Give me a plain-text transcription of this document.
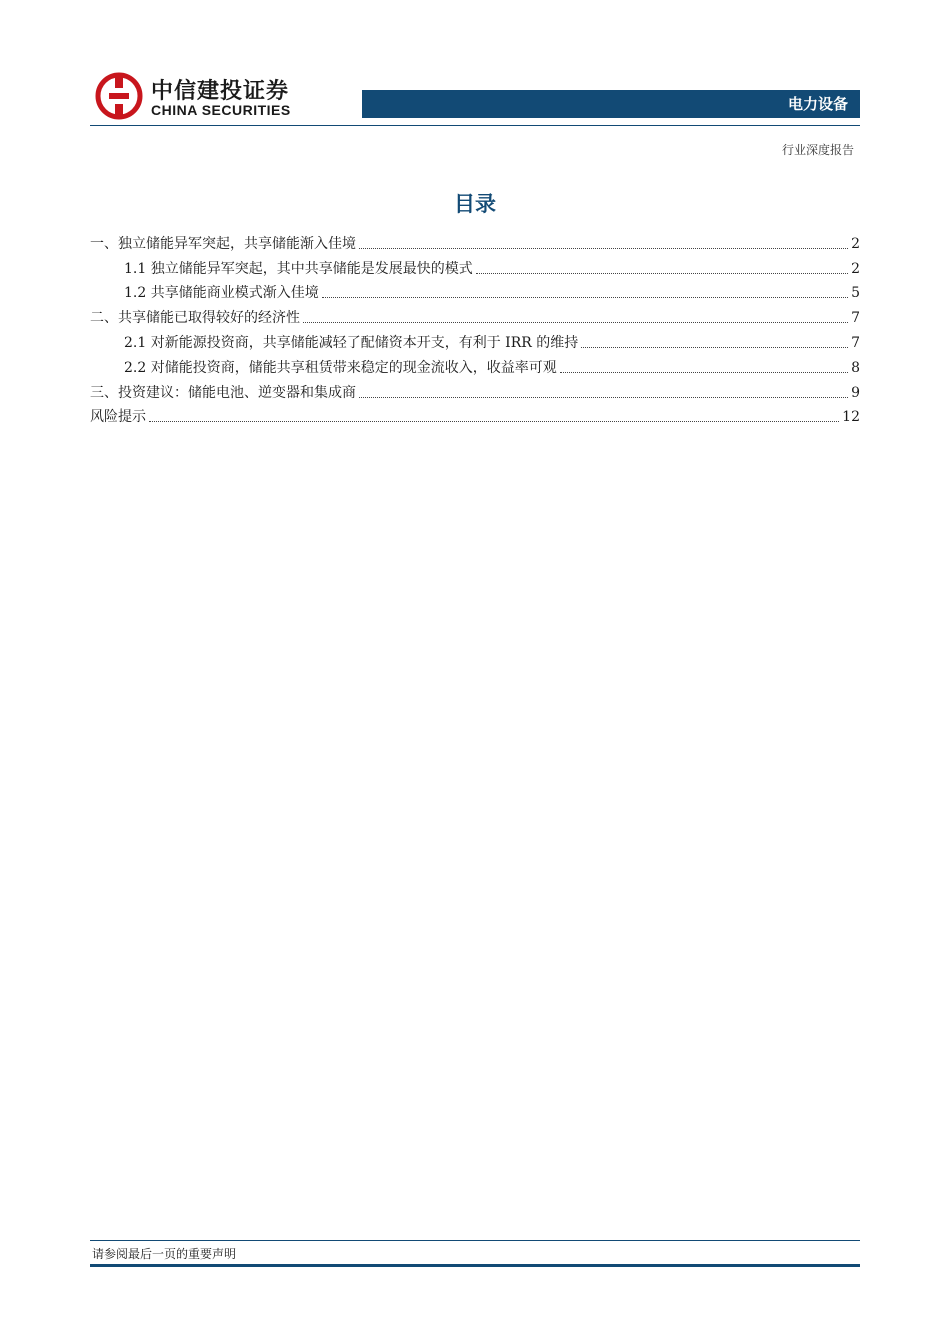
中信建投证券
CHINA SECURITIES	电力设备
行业深度报告
目录
一、独立储能异军突起，共享储能渐入佳境	2
1.1 独立储能异军突起，其中共享储能是发展最快的模式	2
1.2 共享储能商业模式渐入佳境	5
二、共享储能已取得较好的经济性	7
2.1 对新能源投资商，共享储能减轻了配储资本开支，有利于 IRR 的维持	7
2.2 对储能投资商，储能共享租赁带来稳定的现金流收入，收益率可观	8
三、投资建议：储能电池、逆变器和集成商	9
风险提示	12
请参阅最后一页的重要声明
